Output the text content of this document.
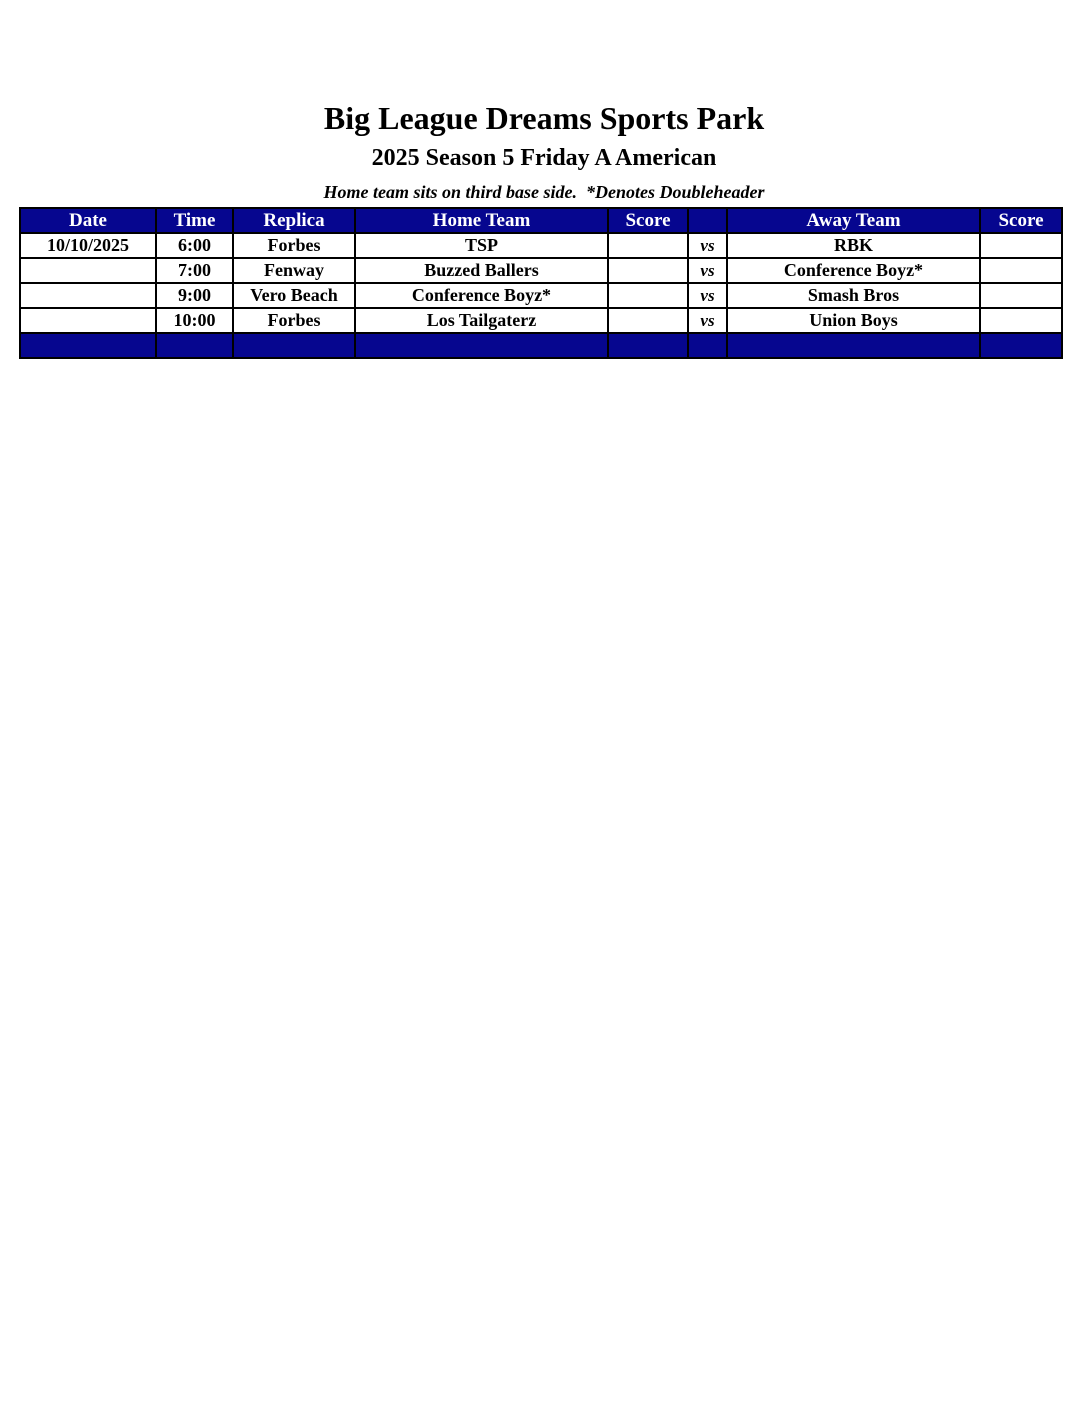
Big League Dreams Sports Park
2025 Season 5 Friday A American
Home team sits on third base side.  *Denotes Doubleheader
Date	Time	Replica	Home Team	Score		Away Team	Score
10/10/2025	6:00	Forbes	TSP		vs	RBK	
	7:00	Fenway	Buzzed Ballers		vs	Conference Boyz*	
	9:00	Vero Beach	Conference Boyz*		vs	Smash Bros	
	10:00	Forbes	Los Tailgaterz		vs	Union Boys	
